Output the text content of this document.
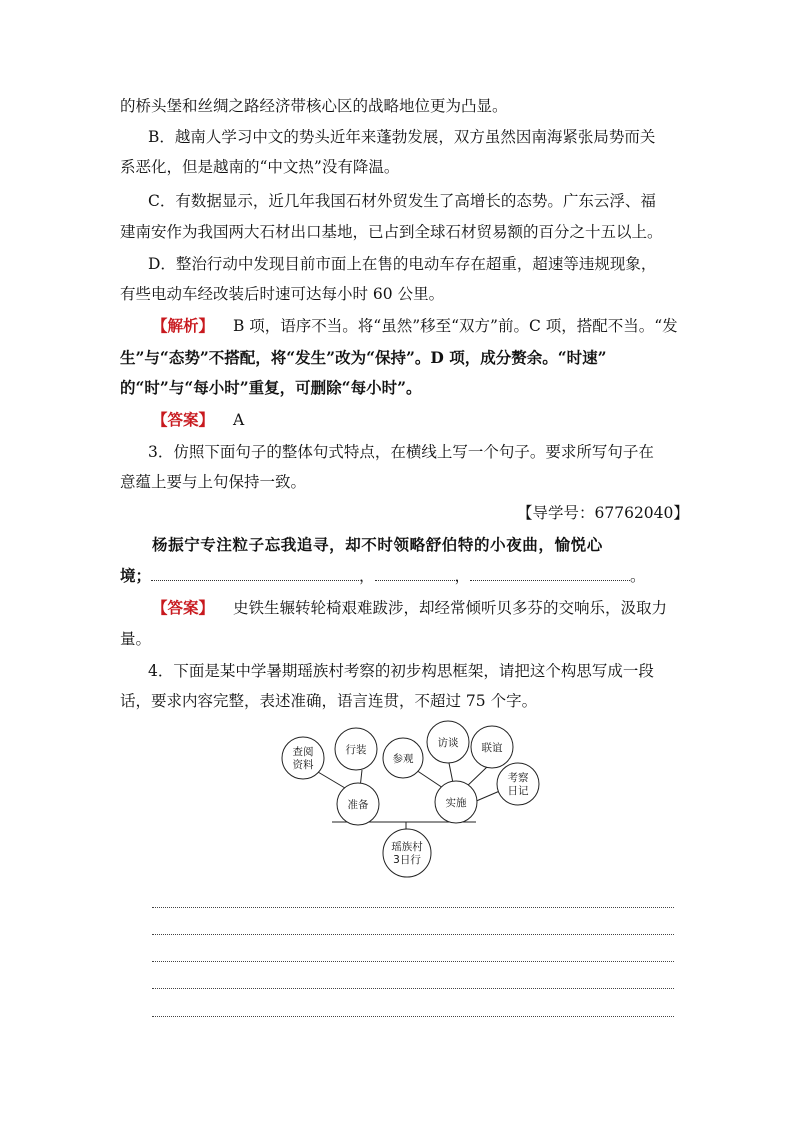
的桥头堡和丝绸之路经济带核心区的战略地位更为凸显。
B．越南人学习中文的势头近年来蓬勃发展，双方虽然因南海紧张局势而关
系恶化，但是越南的“中文热”没有降温。
C．有数据显示，近几年我国石材外贸发生了高增长的态势。广东云浮、福
建南安作为我国两大石材出口基地，已占到全球石材贸易额的百分之十五以上。
D．整治行动中发现目前市面上在售的电动车存在超重，超速等违规现象，
有些电动车经改装后时速可达每小时 60 公里。
【解析】 B 项，语序不当。将“虽然”移至“双方”前。C 项，搭配不当。“发
生”与“态势”不搭配，将“发生”改为“保持”。D 项，成分赘余。“时速”
的“时”与“每小时”重复，可删除“每小时”。
【答案】 A
3．仿照下面句子的整体句式特点，在横线上写一个句子。要求所写句子在
意蕴上要与上句保持一致。
【导学号：67762040】
杨振宁专注粒子忘我追寻，却不时领略舒伯特的小夜曲，愉悦心
境；	，	，	。
【答案】 史铁生辗转轮椅艰难跋涉，却经常倾听贝多芬的交响乐，汲取力
量。
4．下面是某中学暑期瑶族村考察的初步构思框架，请把这个构思写成一段
话，要求内容完整，表述准确，语言连贯，不超过 75 个字。
查阅
资料
行装
参观
访谈 联谊
考察
日记
准备	实施
瑶族村
3日行
